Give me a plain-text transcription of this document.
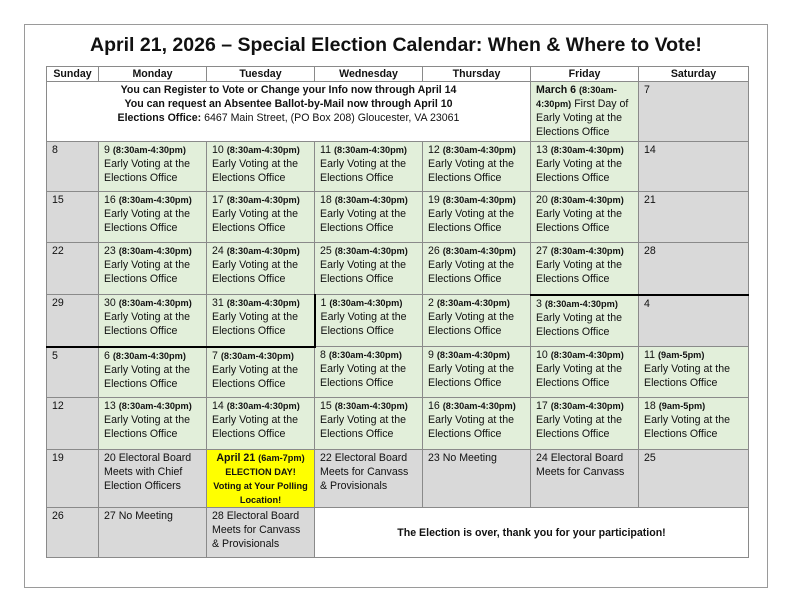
April 21, 2026 – Special Election Calendar: When & Where to Vote!
Sunday	Monday	Tuesday	Wednesday	Thursday	Friday	Saturday

You can Register to Vote or Change your Info now through April 14
You can request an Absentee Ballot-by-Mail now through April 10
Elections Office: 6467 Main Street, (PO Box 208) Gloucester, VA 23061					March 6 (8:30am-4:30pm) First Day of Early Voting at the Elections Office	7
8	9 (8:30am-4:30pm)
Early Voting at the Elections Office	10 (8:30am-4:30pm)
Early Voting at the Elections Office	11 (8:30am-4:30pm)
Early Voting at the Elections Office	12 (8:30am-4:30pm)
Early Voting at the Elections Office	13 (8:30am-4:30pm)
Early Voting at the Elections Office	14
15	16 (8:30am-4:30pm)
Early Voting at the Elections Office	17 (8:30am-4:30pm)
Early Voting at the Elections Office	18 (8:30am-4:30pm)
Early Voting at the Elections Office	19 (8:30am-4:30pm)
Early Voting at the Elections Office	20 (8:30am-4:30pm)
Early Voting at the Elections Office	21
22	23 (8:30am-4:30pm)
Early Voting at the Elections Office	24 (8:30am-4:30pm)
Early Voting at the Elections Office	25 (8:30am-4:30pm)
Early Voting at the Elections Office	26 (8:30am-4:30pm)
Early Voting at the Elections Office	27 (8:30am-4:30pm)
Early Voting at the Elections Office	28
29	30 (8:30am-4:30pm)
Early Voting at the Elections Office	31 (8:30am-4:30pm)
Early Voting at the Elections Office	1 (8:30am-4:30pm)
Early Voting at the Elections Office	2 (8:30am-4:30pm)
Early Voting at the Elections Office	3 (8:30am-4:30pm)
Early Voting at the Elections Office	4
5	6 (8:30am-4:30pm)
Early Voting at the Elections Office	7 (8:30am-4:30pm)
Early Voting at the Elections Office	8 (8:30am-4:30pm)
Early Voting at the Elections Office	9 (8:30am-4:30pm)
Early Voting at the Elections Office	10 (8:30am-4:30pm)
Early Voting at the Elections Office	11 (9am-5pm)
Early Voting at the Elections Office
12	13 (8:30am-4:30pm)
Early Voting at the Elections Office	14 (8:30am-4:30pm)
Early Voting at the Elections Office	15 (8:30am-4:30pm)
Early Voting at the Elections Office	16 (8:30am-4:30pm)
Early Voting at the Elections Office	17 (8:30am-4:30pm)
Early Voting at the Elections Office	18 (9am-5pm)
Early Voting at the Elections Office
19	20 Electoral Board Meets with Chief Election Officers	April 21 (6am-7pm)
ELECTION DAY! Voting at Your Polling Location!	22 Electoral Board Meets for Canvass & Provisionals	23 No Meeting	24 Electoral Board Meets for Canvass	25
26	27 No Meeting	28 Electoral Board Meets for Canvass & Provisionals	The Election is over, thank you for your participation!			
